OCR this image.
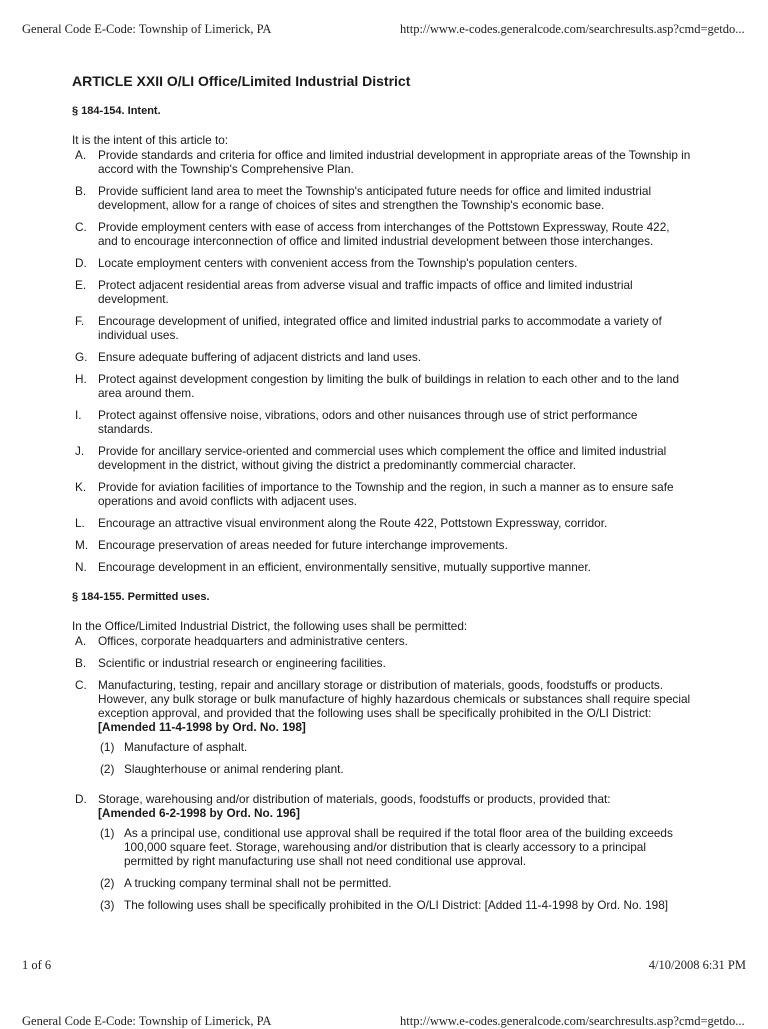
General Code E-Code: Township of Limerick, PA	http://www.e-codes.generalcode.com/searchresults.asp?cmd=getdo...
ARTICLE XXII O/LI Office/Limited Industrial District
§ 184-154. Intent.
It is the intent of this article to:
A.	Provide standards and criteria for office and limited industrial development in appropriate areas of the Township in accord with the Township's Comprehensive Plan.
B.	Provide sufficient land area to meet the Township's anticipated future needs for office and limited industrial development, allow for a range of choices of sites and strengthen the Township's economic base.
C. Provide employment centers with ease of access from interchanges of the Pottstown Expressway, Route 422, and to encourage interconnection of office and limited industrial development between those interchanges.
D. Locate employment centers with convenient access from the Township's population centers.
E.	Protect adjacent residential areas from adverse visual and traffic impacts of office and limited industrial development.
F.	Encourage development of unified, integrated office and limited industrial parks to accommodate a variety of individual uses.
G. Ensure adequate buffering of adjacent districts and land uses.
H. Protect against development congestion by limiting the bulk of buildings in relation to each other and to the land area around them.
I.	Protect against offensive noise, vibrations, odors and other nuisances through use of strict performance standards.
J.	Provide for ancillary service-oriented and commercial uses which complement the office and limited industrial development in the district, without giving the district a predominantly commercial character.
K.	Provide for aviation facilities of importance to the Township and the region, in such a manner as to ensure safe operations and avoid conflicts with adjacent uses.
L.	Encourage an attractive visual environment along the Route 422, Pottstown Expressway, corridor.
M. Encourage preservation of areas needed for future interchange improvements.
N. Encourage development in an efficient, environmentally sensitive, mutually supportive manner.
§ 184-155. Permitted uses.
In the Office/Limited Industrial District, the following uses shall be permitted:
A.	Offices, corporate headquarters and administrative centers.
B.	Scientific or industrial research or engineering facilities.
C. Manufacturing, testing, repair and ancillary storage or distribution of materials, goods, foodstuffs or products. However, any bulk storage or bulk manufacture of highly hazardous chemicals or substances shall require special exception approval, and provided that the following uses shall be specifically prohibited in the O/LI District: [Amended 11-4-1998 by Ord. No. 198]
(1) Manufacture of asphalt.
(2) Slaughterhouse or animal rendering plant.
D. Storage, warehousing and/or distribution of materials, goods, foodstuffs or products, provided that:
[Amended 6-2-1998 by Ord. No. 196]
(1) As a principal use, conditional use approval shall be required if the total floor area of the building exceeds 100,000 square feet. Storage, warehousing and/or distribution that is clearly accessory to a principal permitted by right manufacturing use shall not need conditional use approval.
(2) A trucking company terminal shall not be permitted.
(3) The following uses shall be specifically prohibited in the O/LI District: [Added 11-4-1998 by Ord. No. 198]
1 of 6	4/10/2008 6:31 PM
General Code E-Code: Township of Limerick, PA	http://www.e-codes.generalcode.com/searchresults.asp?cmd=getdo...
